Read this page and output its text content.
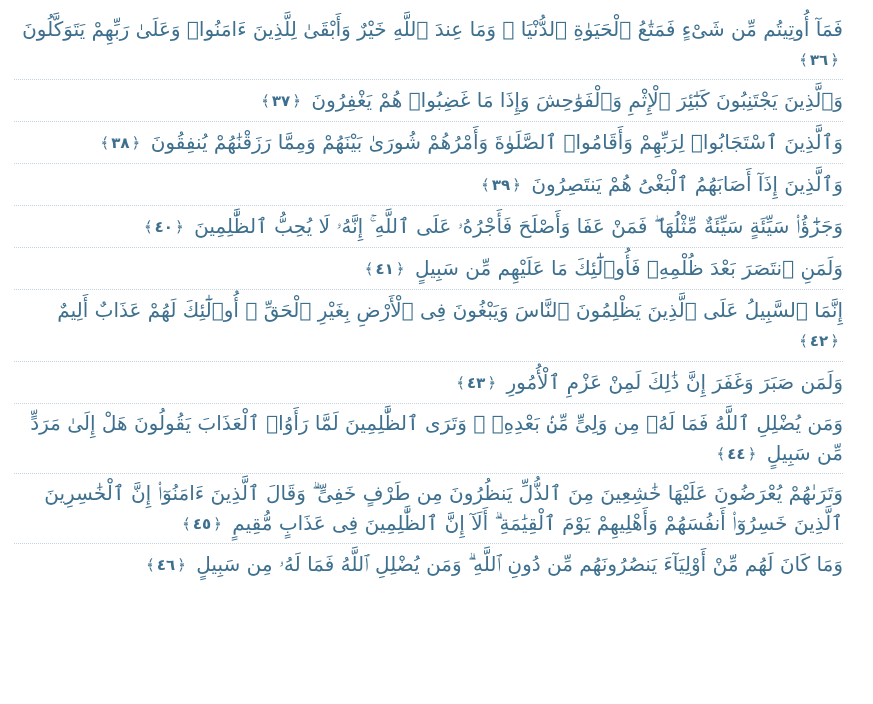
فَمَآ أُوتِيتُم مِّن شَىْءٍ فَمَتَٰعُ ٱلْحَيَوٰةِ ٱلدُّنْيَا ۖ وَمَا عِندَ ٱللَّهِ خَيْرٌ وَأَبْقَىٰ لِلَّذِينَ ءَامَنُوا۟ وَعَلَىٰ رَبِّهِمْ يَتَوَكَّلُونَ ﴿٣٦﴾

وَٱلَّذِينَ يَجْتَنِبُونَ كَبَٰٓئِرَ ٱلْإِثْمِ وَٱلْفَوَٰحِشَ وَإِذَا مَا غَضِبُوا۟ هُمْ يَغْفِرُونَ ﴿٣٧﴾

وَٱلَّذِينَ ٱسْتَجَابُوا۟ لِرَبِّهِمْ وَأَقَامُوا۟ ٱلصَّلَوٰةَ وَأَمْرُهُمْ شُورَىٰ بَيْنَهُمْ وَمِمَّا رَزَقْنَٰهُمْ يُنفِقُونَ ﴿٣٨﴾

وَٱلَّذِينَ إِذَآ أَصَابَهُمُ ٱلْبَغْىُ هُمْ يَنتَصِرُونَ ﴿٣٩﴾

وَجَزَٰٓؤُا۟ سَيِّئَةٍ سَيِّئَةٌ مِّثْلُهَا ۖ فَمَنْ عَفَا وَأَصْلَحَ فَأَجْرُهُۥ عَلَى ٱللَّهِ ۚ إِنَّهُۥ لَا يُحِبُّ ٱلظَّٰلِمِينَ ﴿٤٠﴾

وَلَمَنِ ٱنتَصَرَ بَعْدَ ظُلْمِهِۦ فَأُو۟لَٰٓئِكَ مَا عَلَيْهِم مِّن سَبِيلٍ ﴿٤١﴾

إِنَّمَا ٱلسَّبِيلُ عَلَى ٱلَّذِينَ يَظْلِمُونَ ٱلنَّاسَ وَيَبْغُونَ فِى ٱلْأَرْضِ بِغَيْرِ ٱلْحَقِّ ۚ أُو۟لَٰٓئِكَ لَهُمْ عَذَابٌ أَلِيمٌ ﴿٤٢﴾

وَلَمَن صَبَرَ وَغَفَرَ إِنَّ ذَٰلِكَ لَمِنْ عَزْمِ ٱلْأُمُورِ ﴿٤٣﴾

وَمَن يُضْلِلِ ٱللَّهُ فَمَا لَهُۥ مِن وَلِىٍّ مِّنۢ بَعْدِهِۦ ۗ وَتَرَى ٱلظَّٰلِمِينَ لَمَّا رَأَوُا۟ ٱلْعَذَابَ يَقُولُونَ هَلْ إِلَىٰ مَرَدٍّ مِّن سَبِيلٍ ﴿٤٤﴾

وَتَرَىٰهُمْ يُعْرَضُونَ عَلَيْهَا خَٰشِعِينَ مِنَ ٱلذُّلِّ يَنظُرُونَ مِن طَرْفٍ خَفِىٍّ ۗ وَقَالَ ٱلَّذِينَ ءَامَنُوٓا۟ إِنَّ ٱلْخَٰسِرِينَ ٱلَّذِينَ خَسِرُوٓا۟ أَنفُسَهُمْ وَأَهْلِيهِمْ يَوْمَ ٱلْقِيَٰمَةِ ۗ أَلَآ إِنَّ ٱلظَّٰلِمِينَ فِى عَذَابٍ مُّقِيمٍ ﴿٤٥﴾

وَمَا كَانَ لَهُم مِّنْ أَوْلِيَآءَ يَنصُرُونَهُم مِّن دُونِ ٱللَّهِ ۗ وَمَن يُضْلِلِ ٱللَّهُ فَمَا لَهُۥ مِن سَبِيلٍ ﴿٤٦﴾
